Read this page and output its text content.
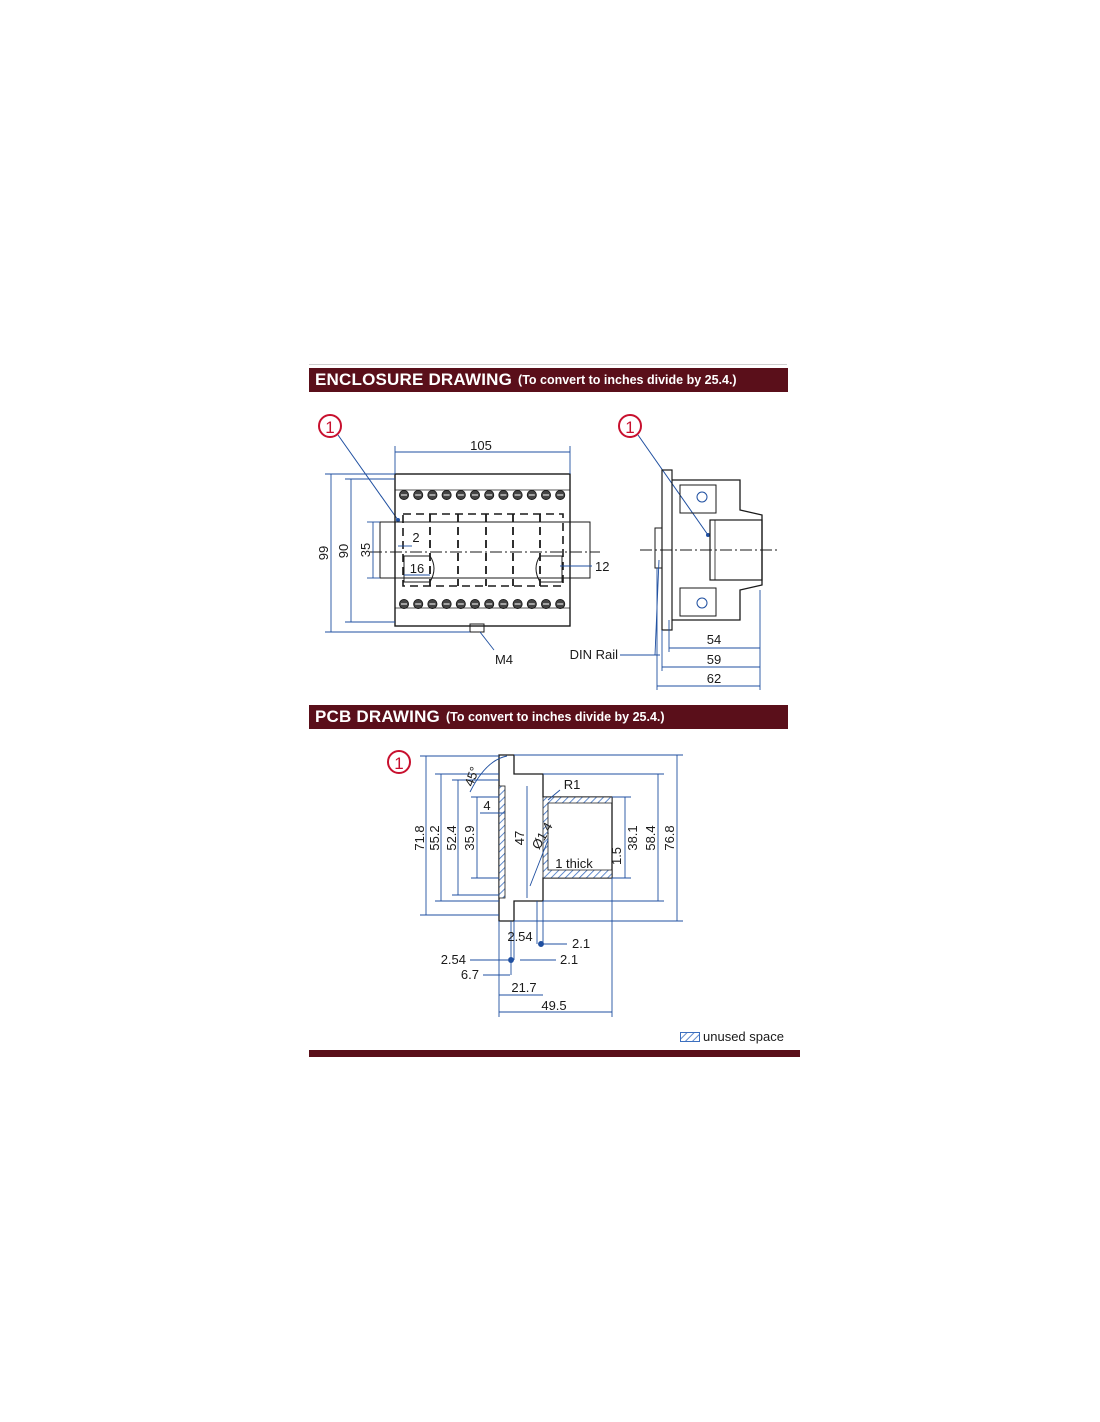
ENCLOSURE DRAWING (To convert to inches divide by 25.4.)
1	1
105
99 90 35
2
16	12
M4	DIN Rail
54
59
62
PCB DRAWING (To convert to inches divide by 25.4.)
1
71.8 55.2 52.4 35.9	47
1.5
38.1 58.4 76.8
45°	R1
4
Ø1.4
1 thick
2.54	2.1
2.54	2.1
6.7
21.7
49.5
unused space
